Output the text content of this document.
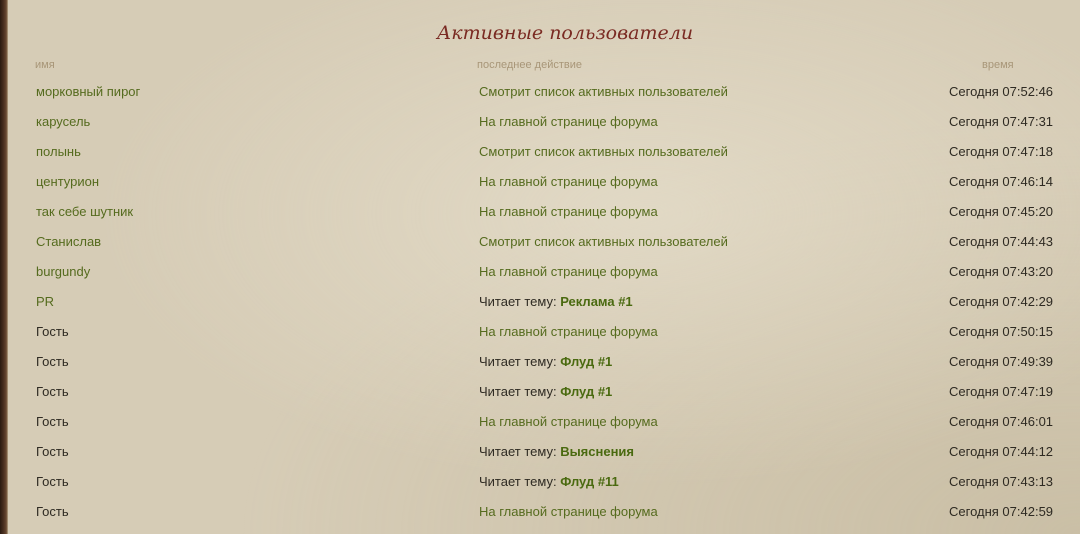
Активные пользователи
имя	последнее действие	время
морковный пирог	Смотрит список активных пользователей	Сегодня 07:52:46
карусель	На главной странице форума	Сегодня 07:47:31
полынь	Смотрит список активных пользователей	Сегодня 07:47:18
центурион	На главной странице форума	Сегодня 07:46:14
так себе шутник	На главной странице форума	Сегодня 07:45:20
Станислав	Смотрит список активных пользователей	Сегодня 07:44:43
burgundy	На главной странице форума	Сегодня 07:43:20
PR	Читает тему: Реклама #1	Сегодня 07:42:29
Гость	На главной странице форума	Сегодня 07:50:15
Гость	Читает тему: Флуд #1	Сегодня 07:49:39
Гость	Читает тему: Флуд #1	Сегодня 07:47:19
Гость	На главной странице форума	Сегодня 07:46:01
Гость	Читает тему: Выяснения	Сегодня 07:44:12
Гость	Читает тему: Флуд #11	Сегодня 07:43:13
Гость	На главной странице форума	Сегодня 07:42:59
